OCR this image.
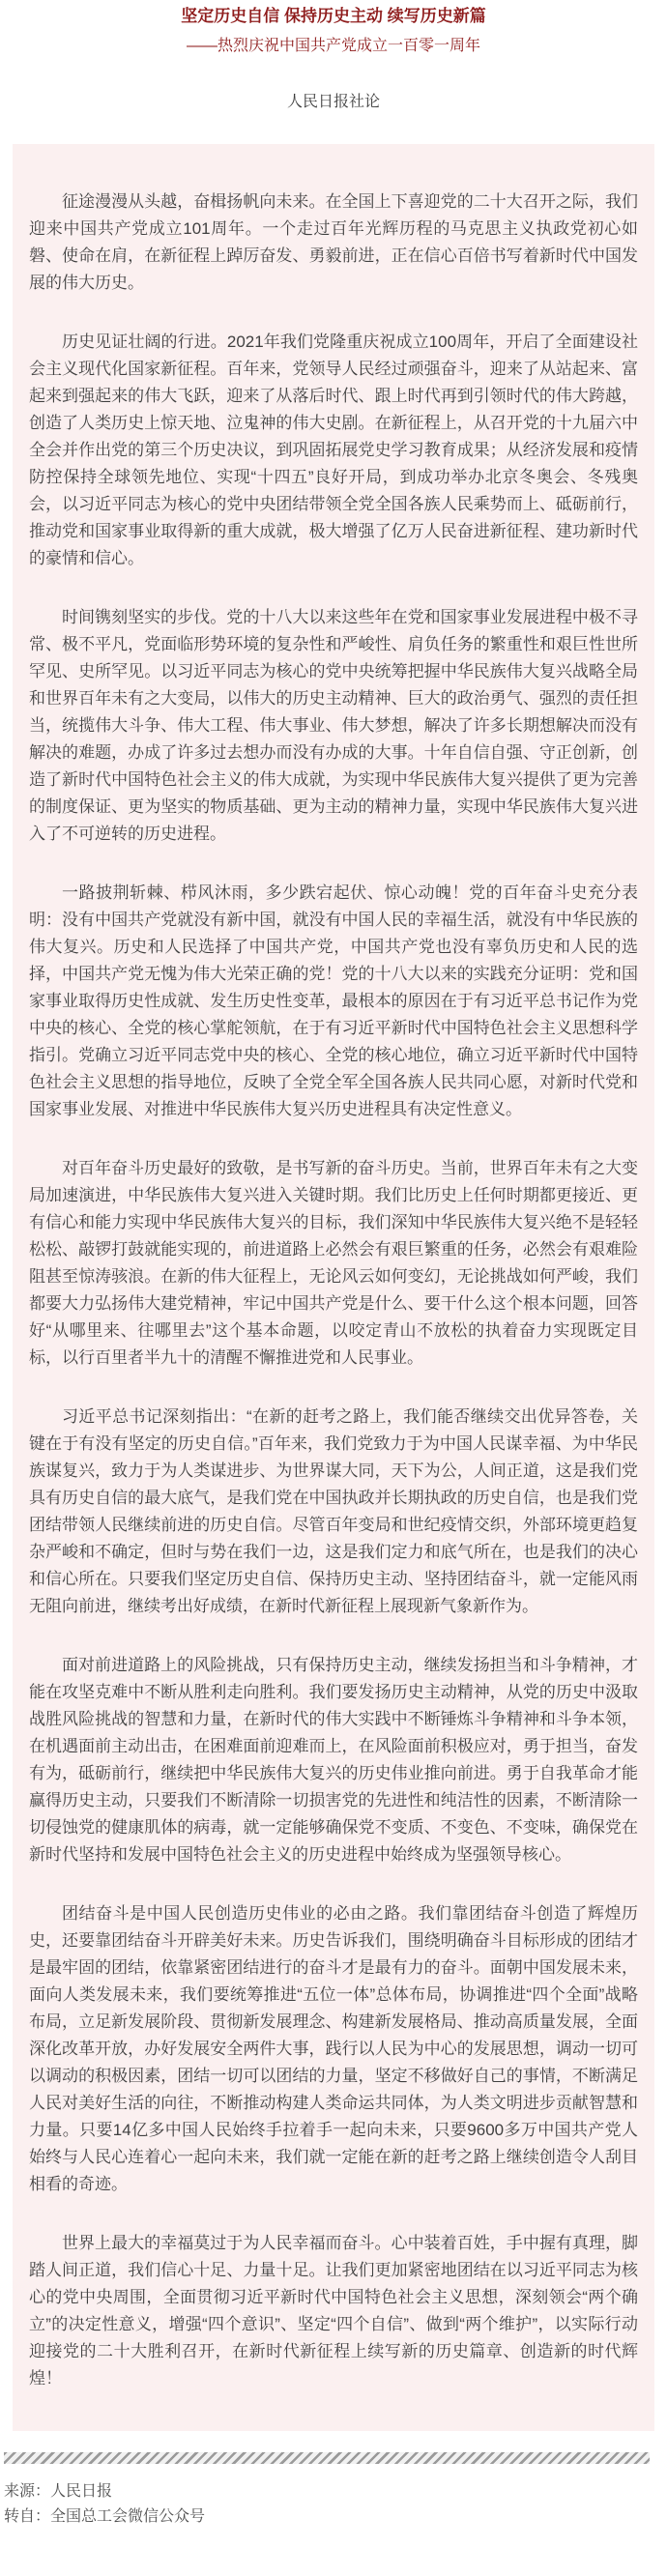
坚定历史自信 保持历史主动 续写历史新篇
——热烈庆祝中国共产党成立一百零一周年
人民日报社论

征途漫漫从头越，奋楫扬帆向未来。在全国上下喜迎党的二十大召开之际，我们迎来中国共产党成立101周年。一个走过百年光辉历程的马克思主义执政党初心如磐、使命在肩，在新征程上踔厉奋发、勇毅前进，正在信心百倍书写着新时代中国发展的伟大历史。

历史见证壮阔的行进。2021年我们党隆重庆祝成立100周年，开启了全面建设社会主义现代化国家新征程。百年来，党领导人民经过顽强奋斗，迎来了从站起来、富起来到强起来的伟大飞跃，迎来了从落后时代、跟上时代再到引领时代的伟大跨越，创造了人类历史上惊天地、泣鬼神的伟大史剧。在新征程上，从召开党的十九届六中全会并作出党的第三个历史决议，到巩固拓展党史学习教育成果；从经济发展和疫情防控保持全球领先地位、实现“十四五”良好开局，到成功举办北京冬奥会、冬残奥会，以习近平同志为核心的党中央团结带领全党全国各族人民乘势而上、砥砺前行，推动党和国家事业取得新的重大成就，极大增强了亿万人民奋进新征程、建功新时代的豪情和信心。

时间镌刻坚实的步伐。党的十八大以来这些年在党和国家事业发展进程中极不寻常、极不平凡，党面临形势环境的复杂性和严峻性、肩负任务的繁重性和艰巨性世所罕见、史所罕见。以习近平同志为核心的党中央统筹把握中华民族伟大复兴战略全局和世界百年未有之大变局，以伟大的历史主动精神、巨大的政治勇气、强烈的责任担当，统揽伟大斗争、伟大工程、伟大事业、伟大梦想，解决了许多长期想解决而没有解决的难题，办成了许多过去想办而没有办成的大事。十年自信自强、守正创新，创造了新时代中国特色社会主义的伟大成就，为实现中华民族伟大复兴提供了更为完善的制度保证、更为坚实的物质基础、更为主动的精神力量，实现中华民族伟大复兴进入了不可逆转的历史进程。

一路披荆斩棘、栉风沐雨，多少跌宕起伏、惊心动魄！党的百年奋斗史充分表明：没有中国共产党就没有新中国，就没有中国人民的幸福生活，就没有中华民族的伟大复兴。历史和人民选择了中国共产党，中国共产党也没有辜负历史和人民的选择，中国共产党无愧为伟大光荣正确的党！党的十八大以来的实践充分证明：党和国家事业取得历史性成就、发生历史性变革，最根本的原因在于有习近平总书记作为党中央的核心、全党的核心掌舵领航，在于有习近平新时代中国特色社会主义思想科学指引。党确立习近平同志党中央的核心、全党的核心地位，确立习近平新时代中国特色社会主义思想的指导地位，反映了全党全军全国各族人民共同心愿，对新时代党和国家事业发展、对推进中华民族伟大复兴历史进程具有决定性意义。

对百年奋斗历史最好的致敬，是书写新的奋斗历史。当前，世界百年未有之大变局加速演进，中华民族伟大复兴进入关键时期。我们比历史上任何时期都更接近、更有信心和能力实现中华民族伟大复兴的目标，我们深知中华民族伟大复兴绝不是轻轻松松、敲锣打鼓就能实现的，前进道路上必然会有艰巨繁重的任务，必然会有艰难险阻甚至惊涛骇浪。在新的伟大征程上，无论风云如何变幻，无论挑战如何严峻，我们都要大力弘扬伟大建党精神，牢记中国共产党是什么、要干什么这个根本问题，回答好“从哪里来、往哪里去”这个基本命题，以咬定青山不放松的执着奋力实现既定目标，以行百里者半九十的清醒不懈推进党和人民事业。

习近平总书记深刻指出：“在新的赶考之路上，我们能否继续交出优异答卷，关键在于有没有坚定的历史自信。”百年来，我们党致力于为中国人民谋幸福、为中华民族谋复兴，致力于为人类谋进步、为世界谋大同，天下为公，人间正道，这是我们党具有历史自信的最大底气，是我们党在中国执政并长期执政的历史自信，也是我们党团结带领人民继续前进的历史自信。尽管百年变局和世纪疫情交织，外部环境更趋复杂严峻和不确定，但时与势在我们一边，这是我们定力和底气所在，也是我们的决心和信心所在。只要我们坚定历史自信、保持历史主动、坚持团结奋斗，就一定能风雨无阻向前进，继续考出好成绩，在新时代新征程上展现新气象新作为。

面对前进道路上的风险挑战，只有保持历史主动，继续发扬担当和斗争精神，才能在攻坚克难中不断从胜利走向胜利。我们要发扬历史主动精神，从党的历史中汲取战胜风险挑战的智慧和力量，在新时代的伟大实践中不断锤炼斗争精神和斗争本领，在机遇面前主动出击，在困难面前迎难而上，在风险面前积极应对，勇于担当，奋发有为，砥砺前行，继续把中华民族伟大复兴的历史伟业推向前进。勇于自我革命才能赢得历史主动，只要我们不断清除一切损害党的先进性和纯洁性的因素，不断清除一切侵蚀党的健康肌体的病毒，就一定能够确保党不变质、不变色、不变味，确保党在新时代坚持和发展中国特色社会主义的历史进程中始终成为坚强领导核心。

团结奋斗是中国人民创造历史伟业的必由之路。我们靠团结奋斗创造了辉煌历史，还要靠团结奋斗开辟美好未来。历史告诉我们，围绕明确奋斗目标形成的团结才是最牢固的团结，依靠紧密团结进行的奋斗才是最有力的奋斗。面朝中国发展未来，面向人类发展未来，我们要统筹推进“五位一体”总体布局，协调推进“四个全面”战略布局，立足新发展阶段、贯彻新发展理念、构建新发展格局、推动高质量发展，全面深化改革开放，办好发展安全两件大事，践行以人民为中心的发展思想，调动一切可以调动的积极因素，团结一切可以团结的力量，坚定不移做好自己的事情，不断满足人民对美好生活的向往，不断推动构建人类命运共同体，为人类文明进步贡献智慧和力量。只要14亿多中国人民始终手拉着手一起向未来，只要9600多万中国共产党人始终与人民心连着心一起向未来，我们就一定能在新的赶考之路上继续创造令人刮目相看的奇迹。

世界上最大的幸福莫过于为人民幸福而奋斗。心中装着百姓，手中握有真理，脚踏人间正道，我们信心十足、力量十足。让我们更加紧密地团结在以习近平同志为核心的党中央周围，全面贯彻习近平新时代中国特色社会主义思想，深刻领会“两个确立”的决定性意义，增强“四个意识”、坚定“四个自信”、做到“两个维护”，以实际行动迎接党的二十大胜利召开，在新时代新征程上续写新的历史篇章、创造新的时代辉煌！

来源：人民日报
转自：全国总工会微信公众号
